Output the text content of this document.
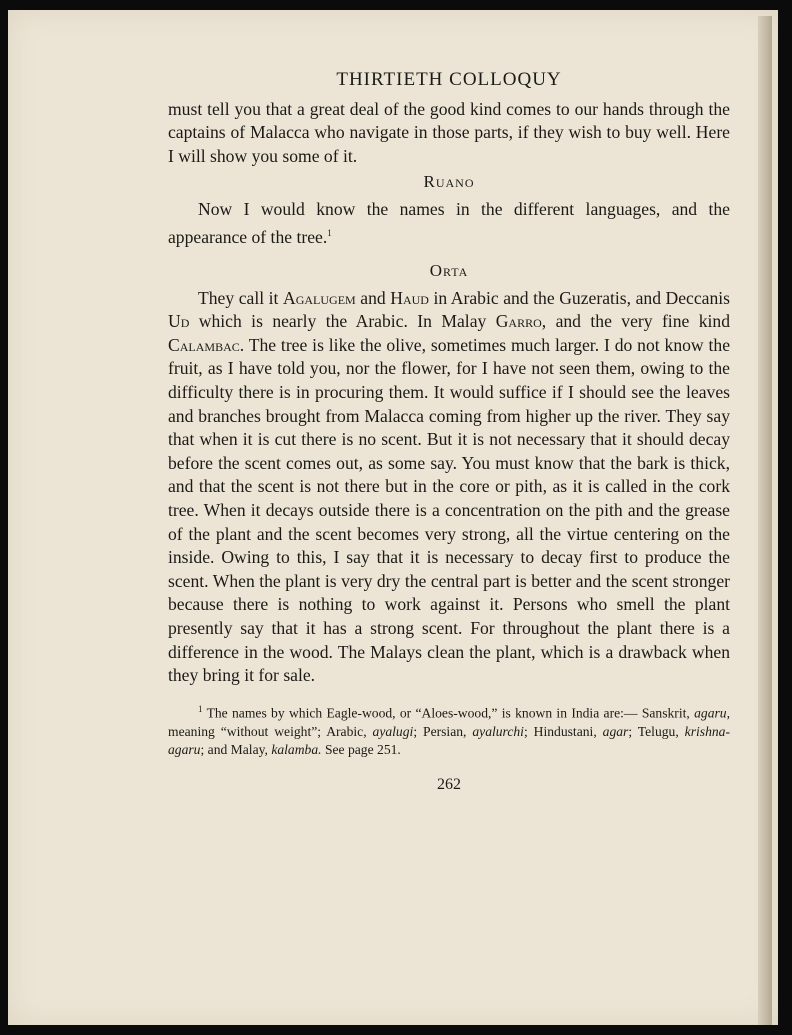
THIRTIETH COLLOQUY

must tell you that a great deal of the good kind comes to our hands through the captains of Malacca who navigate in those parts, if they wish to buy well. Here I will show you some of it.

Ruano

Now I would know the names in the different languages, and the appearance of the tree.$^1$

Orta

They call it Agalugem and Haud in Arabic and the Guzeratis, and Deccanis Ud which is nearly the Arabic. In Malay Garro, and the very fine kind Calambac. The tree is like the olive, sometimes much larger. I do not know the fruit, as I have told you, nor the flower, for I have not seen them, owing to the difficulty there is in procuring them. It would suffice if I should see the leaves and branches brought from Malacca coming from higher up the river. They say that when it is cut there is no scent. But it is not necessary that it should decay before the scent comes out, as some say. You must know that the bark is thick, and that the scent is not there but in the core or pith, as it is called in the cork tree. When it decays outside there is a concentration on the pith and the grease of the plant and the scent becomes very strong, all the virtue centering on the inside. Owing to this, I say that it is necessary to decay first to produce the scent. When the plant is very dry the central part is better and the scent stronger because there is nothing to work against it. Persons who smell the plant presently say that it has a strong scent. For throughout the plant there is a difference in the wood. The Malays clean the plant, which is a drawback when they bring it for sale.

$^1$ The names by which Eagle-wood, or “Aloes-wood,” is known in India are:— Sanskrit, agaru, meaning “without weight”; Arabic, ayalugi; Persian, ayalurchi; Hindustani, agar; Telugu, krishna-agaru; and Malay, kalamba. See page 251.

262
